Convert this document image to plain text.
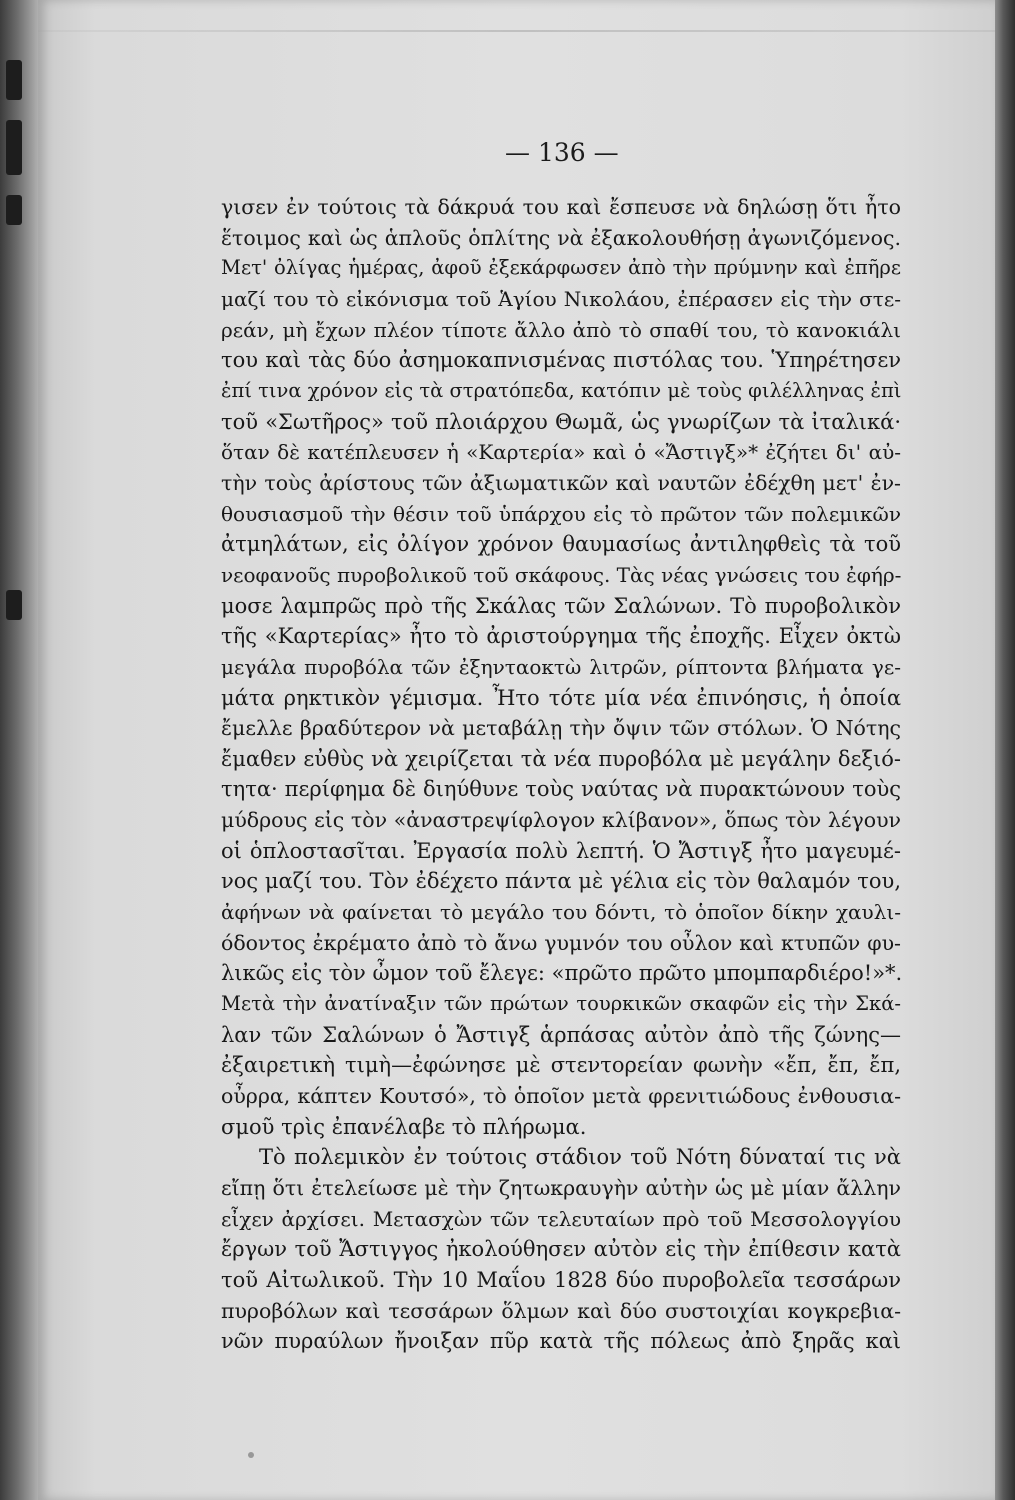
— 136 —
γισεν ἐν τούτοις τὰ δάκρυά του καὶ ἔσπευσε νὰ δηλώσῃ ὅτι ἦτο
ἕτοιμος καὶ ὡς ἁπλοῦς ὁπλίτης νὰ ἐξακολουθήσῃ ἀγωνιζόμενος.
Μετ' ὀλίγας ἡμέρας, ἀφοῦ ἐξεκάρφωσεν ἀπὸ τὴν πρύμνην καὶ ἐπῆρε
μαζί του τὸ εἰκόνισμα τοῦ Ἁγίου Νικολάου, ἐπέρασεν εἰς τὴν στε-
ρεάν, μὴ ἔχων πλέον τίποτε ἄλλο ἀπὸ τὸ σπαθί του, τὸ κανοκιάλι
του καὶ τὰς δύο ἀσημοκαπνισμένας πιστόλας του. Ὑπηρέτησεν
ἐπί τινα χρόνον εἰς τὰ στρατόπεδα, κατόπιν μὲ τοὺς φιλέλληνας ἐπὶ
τοῦ «Σωτῆρος» τοῦ πλοιάρχου Θωμᾶ, ὡς γνωρίζων τὰ ἰταλικά·
ὅταν δὲ κατέπλευσεν ἡ «Καρτερία» καὶ ὁ «Ἄστιγξ»* ἐζήτει δι' αὐ-
τὴν τοὺς ἀρίστους τῶν ἀξιωματικῶν καὶ ναυτῶν ἐδέχθη μετ' ἐν-
θουσιασμοῦ τὴν θέσιν τοῦ ὑπάρχου εἰς τὸ πρῶτον τῶν πολεμικῶν
ἀτμηλάτων, εἰς ὀλίγον χρόνον θαυμασίως ἀντιληφθεὶς τὰ τοῦ
νεοφανοῦς πυροβολικοῦ τοῦ σκάφους. Τὰς νέας γνώσεις του ἐφήρ-
μοσε λαμπρῶς πρὸ τῆς Σκάλας τῶν Σαλώνων. Τὸ πυροβολικὸν
τῆς «Καρτερίας» ἦτο τὸ ἀριστούργημα τῆς ἐποχῆς. Εἶχεν ὀκτὼ
μεγάλα πυροβόλα τῶν ἐξηνταοκτὼ λιτρῶν, ρίπτοντα βλήματα γε-
μάτα ρηκτικὸν γέμισμα. Ἦτο τότε μία νέα ἐπινόησις, ἡ ὁποία
ἔμελλε βραδύτερον νὰ μεταβάλῃ τὴν ὄψιν τῶν στόλων. Ὁ Νότης
ἔμαθεν εὐθὺς νὰ χειρίζεται τὰ νέα πυροβόλα μὲ μεγάλην δεξιό-
τητα· περίφημα δὲ διηύθυνε τοὺς ναύτας νὰ πυρακτώνουν τοὺς
μύδρους εἰς τὸν «ἀναστρεψίφλογον κλίβανον», ὅπως τὸν λέγουν
οἱ ὁπλοστασῖται. Ἐργασία πολὺ λεπτή. Ὁ Ἄστιγξ ἦτο μαγευμέ-
νος μαζί του. Τὸν ἐδέχετο πάντα μὲ γέλια εἰς τὸν θαλαμόν του,
ἀφήνων νὰ φαίνεται τὸ μεγάλο του δόντι, τὸ ὁποῖον δίκην χαυλι-
όδοντος ἐκρέματο ἀπὸ τὸ ἄνω γυμνόν του οὖλον καὶ κτυπῶν φυ-
λικῶς εἰς τὸν ὦμον τοῦ ἔλεγε: «πρῶτο πρῶτο μπομπαρδιέρο!»*.
Μετὰ τὴν ἀνατίναξιν τῶν πρώτων τουρκικῶν σκαφῶν εἰς τὴν Σκά-
λαν τῶν Σαλώνων ὁ Ἄστιγξ ἁρπάσας αὐτὸν ἀπὸ τῆς ζώνης—
ἐξαιρετικὴ τιμὴ—ἐφώνησε μὲ στεντορείαν φωνὴν «ἔπ, ἔπ, ἔπ,
οὖρρα, κάπτεν Κουτσό», τὸ ὁποῖον μετὰ φρενιτιώδους ἐνθουσια-
σμοῦ τρὶς ἐπανέλαβε τὸ πλήρωμα.
Τὸ πολεμικὸν ἐν τούτοις στάδιον τοῦ Νότη δύναταί τις νὰ
εἴπῃ ὅτι ἐτελείωσε μὲ τὴν ζητωκραυγὴν αὐτὴν ὡς μὲ μίαν ἄλλην
εἶχεν ἀρχίσει. Μετασχὼν τῶν τελευταίων πρὸ τοῦ Μεσσολογγίου
ἔργων τοῦ Ἄστιγγος ἠκολούθησεν αὐτὸν εἰς τὴν ἐπίθεσιν κατὰ
τοῦ Αἰτωλικοῦ. Τὴν 10 Μαΐου 1828 δύο πυροβολεῖα τεσσάρων
πυροβόλων καὶ τεσσάρων ὅλμων καὶ δύο συστοιχίαι κογκρεβια-
νῶν πυραύλων ἤνοιξαν πῦρ κατὰ τῆς πόλεως ἀπὸ ξηρᾶς καὶ
